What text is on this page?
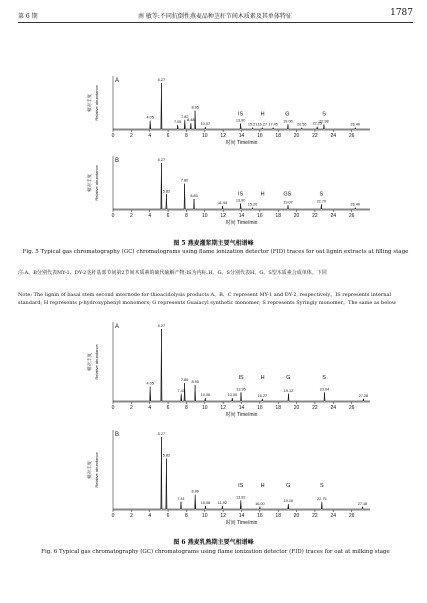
第 6 期	南 敏等:不同抗倒性燕麦品种茎秆节间木质素及其单体特征	1787
相对丰度 Relative abundance
A
0	2	4	6	8	10	12	14	16	18	20	22	24	26
时间 Time/min
4.05
5.27
7.05
7.82
8.48
8.95
10.07
13.90
15.21 16.27 17.45
19.06
20.56 22.25
22.98
26.40
IS	H	G	S
相对丰度 Relative abundance
B
0	2	4	6	8	10	12	14	16	18	20	22	24	26
时间 Time/min
5.27
5.82
7.80
8.83
11.94
13.90
15.20
19.07	22.70
26.40
IS	H	GS	S
图 5 燕麦灌浆期主要气相谱峰
Fig. 5 Typical gas chromatography (GC) chromatograms using flame ionization detector (FID) traces for oat lignin extracts at filling stage
注:A、B分别代表MY-1、DY-2茎秆基部节间第2节间木质素的硫代硫解产物;IS为内标,H、G、S分别代表H、G、S型木质素合成单体。下同
Note: The lignin of basal stem second internode for thioacidolysis products A、B、C represent MY-1 and DY-2, respectively。IS represents internal standard; H represents p-hydroxyphenyl monomers; G represents Guaiacyl synthetic monomer; S represents Syringly monomer。The same as below
相对丰度 Relative abundance
A
0	2	4	6	8	10	12	14	16	18	20	22	24	26
时间 Time/min
4.05
5.27
7.43
7.80
8.95
10.06	13.00
13.95
16.27
19.12	23.04
27.28
IS	H	G	S
相对丰度 Relative abundance
B
0	2	4	6	8	10	12	14	16	18	20	22	24	26
时间 Time/min
5.27
5.82
7.41
8.96
10.08 11.92
13.92
16.00
19.10
22.75
27.18
IS	H	G	S
图 6 燕麦乳熟期主要气相谱峰
Fig. 6 Typical gas chromatography (GC) chromatograms using flame ionization detector (FID) traces for oat at milking stage
